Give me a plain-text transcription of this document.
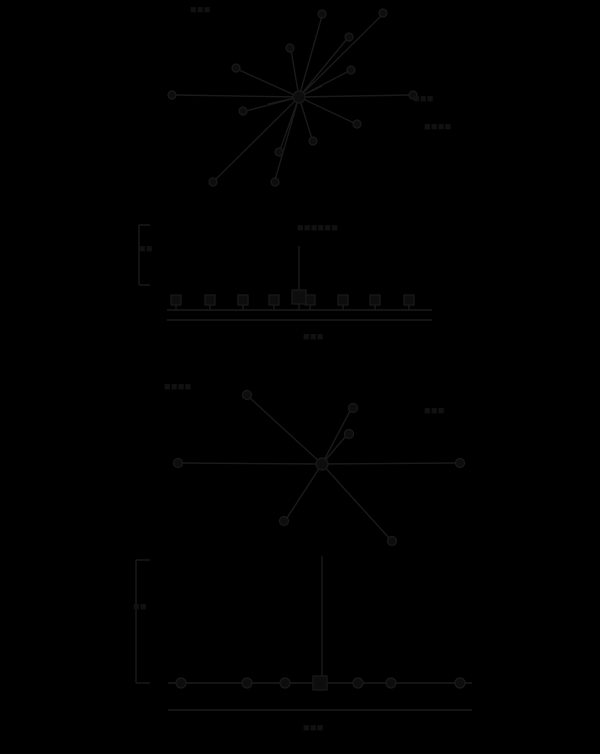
■■■
■■■
■■■■
■■
■■■■■■
■■■
■■■■
■■■
■■
■■■
